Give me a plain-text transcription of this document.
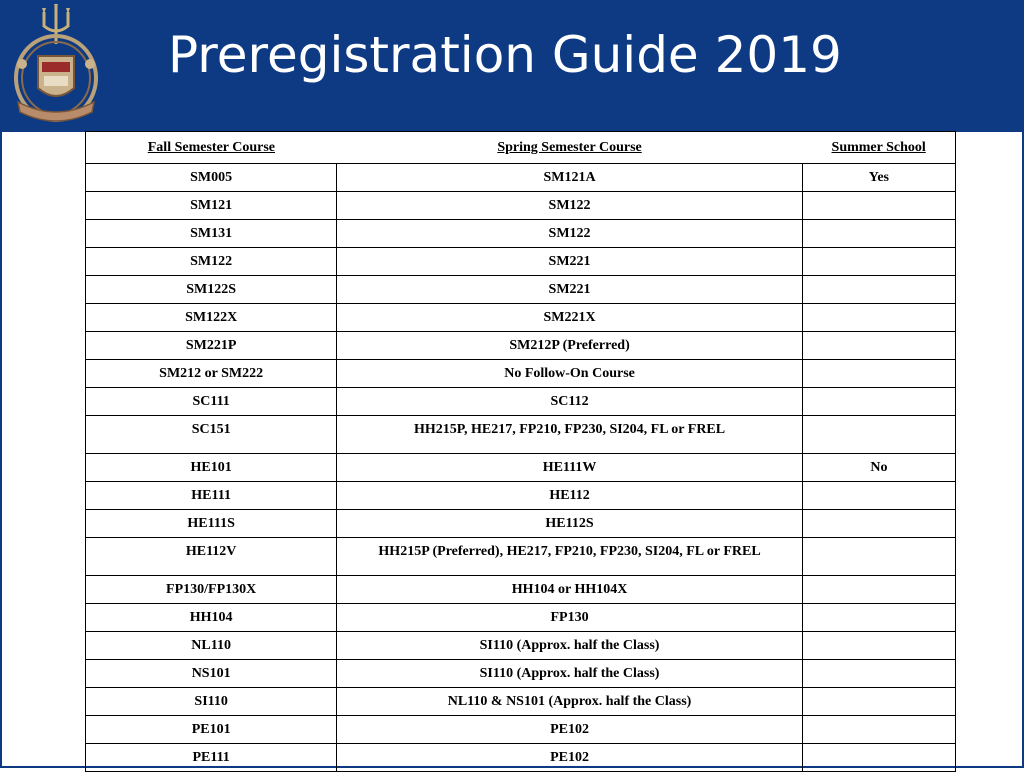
Preregistration Guide 2019
Fall Semester Course	Spring Semester Course	Summer School
SM005	SM121A	Yes
SM121	SM122	
SM131	SM122	
SM122	SM221	
SM122S	SM221	
SM122X	SM221X	
SM221P	SM212P (Preferred)	
SM212 or SM222	No Follow-On Course	
SC111	SC112	
SC151	HH215P, HE217, FP210, FP230, SI204, FL or FREL	
HE101	HE111W	No
HE111	HE112	
HE111S	HE112S	
HE112V	HH215P (Preferred), HE217, FP210, FP230, SI204, FL or FREL	
FP130/FP130X	HH104 or HH104X	
HH104	FP130	
NL110	SI110 (Approx. half the Class)	
NS101	SI110 (Approx. half the Class)	
SI110	NL110 & NS101 (Approx. half the Class)	
PE101	PE102	
PE111	PE102	
